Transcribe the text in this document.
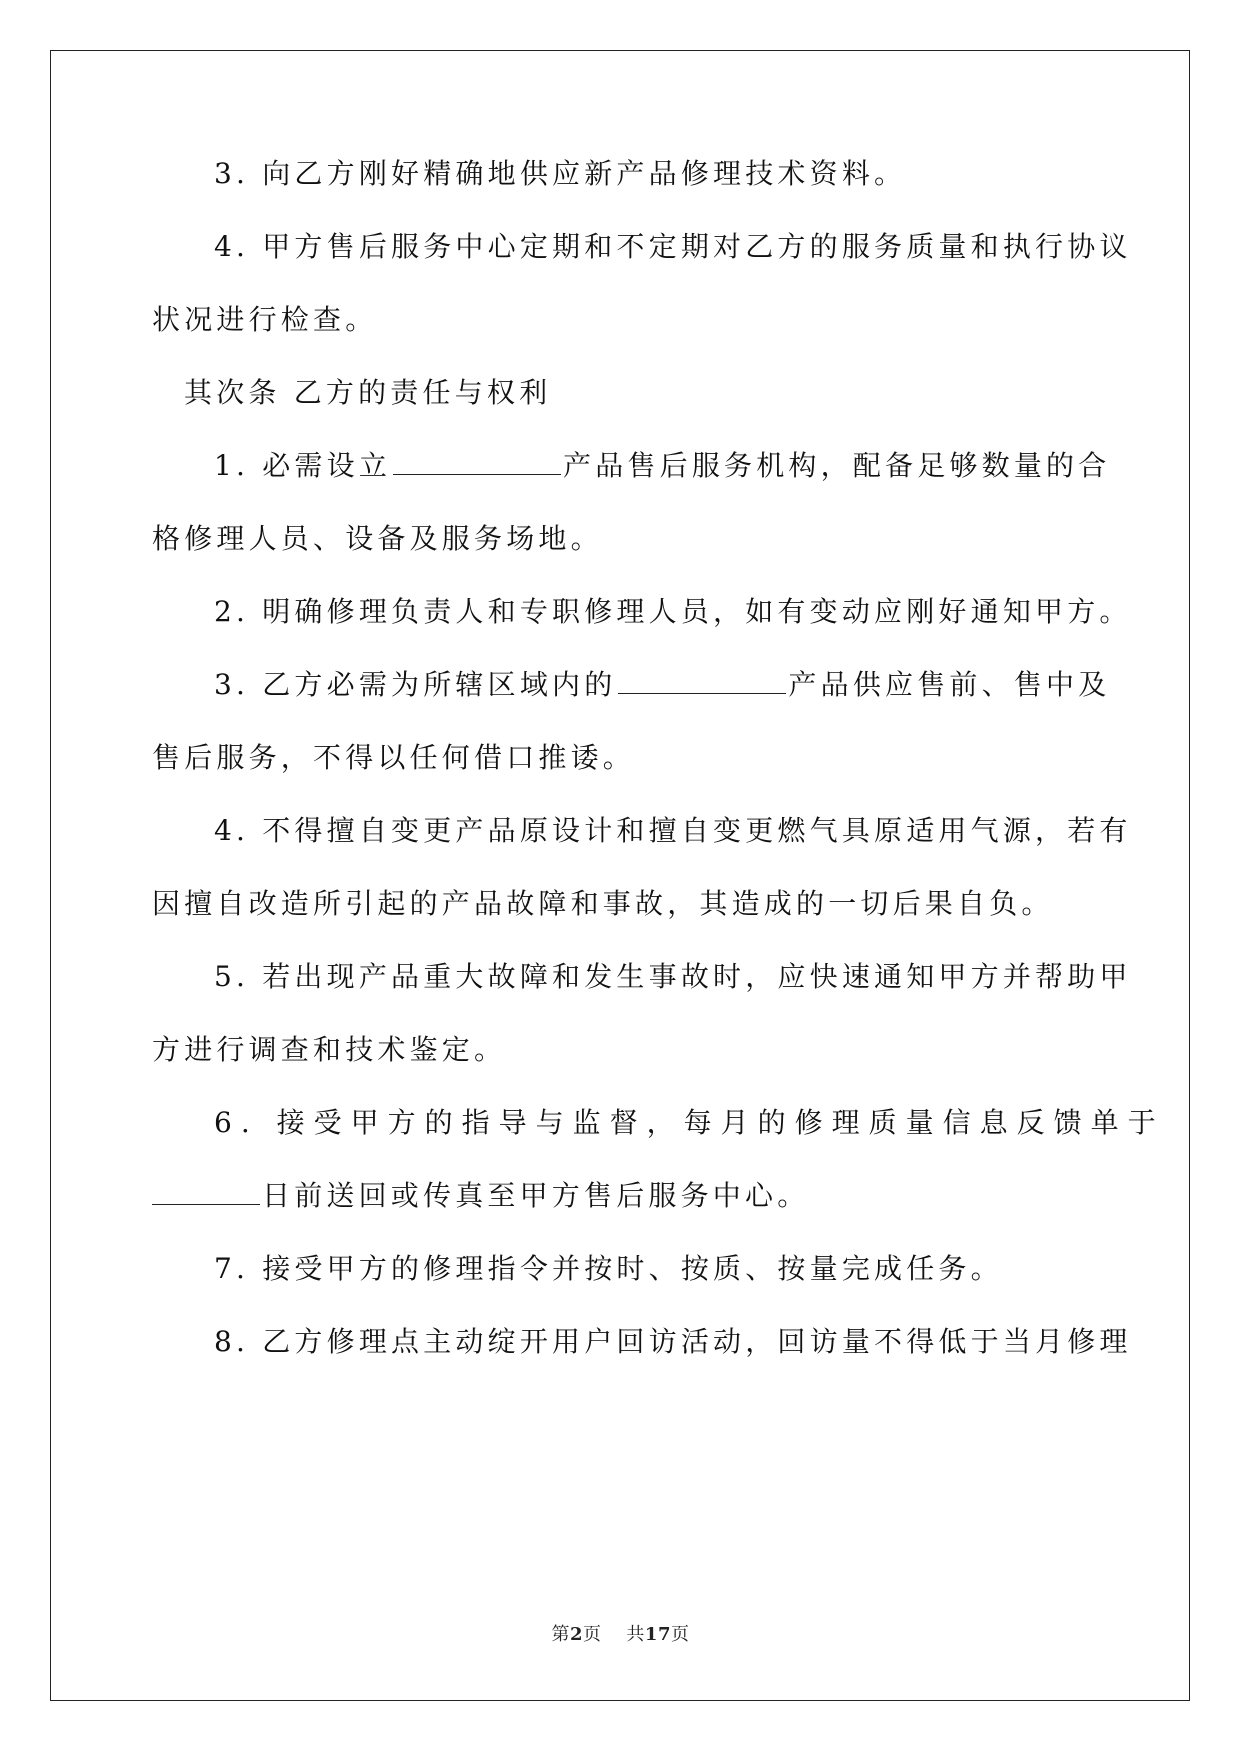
3. 向乙方刚好精确地供应新产品修理技术资料。
4. 甲方售后服务中心定期和不定期对乙方的服务质量和执行协议
状况进行检查。
其次条 乙方的责任与权利
1. 必需设立	产品售后服务机构，配备足够数量的合
格修理人员、设备及服务场地。
2. 明确修理负责人和专职修理人员，如有变动应刚好通知甲方。
3. 乙方必需为所辖区域内的	产品供应售前、售中及
售后服务，不得以任何借口推诿。
4. 不得擅自变更产品原设计和擅自变更燃气具原适用气源，若有
因擅自改造所引起的产品故障和事故，其造成的一切后果自负。
5. 若出现产品重大故障和发生事故时，应快速通知甲方并帮助甲
方进行调查和技术鉴定。
6. 接受甲方的指导与监督，每月的修理质量信息反馈单于
日前送回或传真至甲方售后服务中心。
7. 接受甲方的修理指令并按时、按质、按量完成任务。
8. 乙方修理点主动绽开用户回访活动，回访量不得低于当月修理
第2页    共17页
